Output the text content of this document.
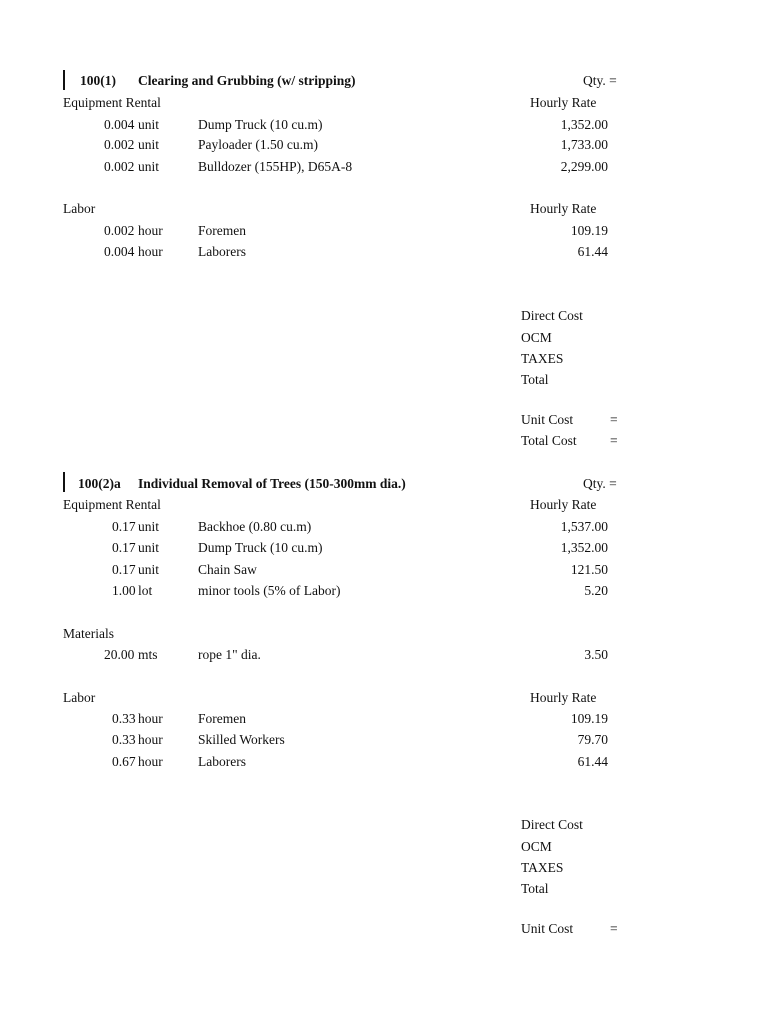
100(1) Clearing and Grubbing (w/ stripping)	Qty. =
Equipment Rental	Hourly Rate
0.004 unit	Dump Truck (10 cu.m)	1,352.00
0.002 unit	Payloader (1.50 cu.m)	1,733.00
0.002 unit	Bulldozer (155HP), D65A-8	2,299.00
Labor	Hourly Rate
0.002 hour	Foremen	109.19
0.004 hour	Laborers	61.44
Direct Cost
OCM
TAXES
Total
Unit Cost	=
Total Cost =
100(2)a Individual Removal of Trees (150-300mm dia.)	Qty. =
Equipment Rental	Hourly Rate
0.17 unit	Backhoe (0.80 cu.m)	1,537.00
0.17 unit	Dump Truck (10 cu.m)	1,352.00
0.17 unit	Chain Saw	121.50
1.00 lot	minor tools (5% of Labor)	5.20
Materials
20.00 mts	rope 1" dia.	3.50
Labor	Hourly Rate
0.33 hour	Foremen	109.19
0.33 hour	Skilled Workers	79.70
0.67 hour	Laborers	61.44
Direct Cost
OCM
TAXES
Total
Unit Cost	=
